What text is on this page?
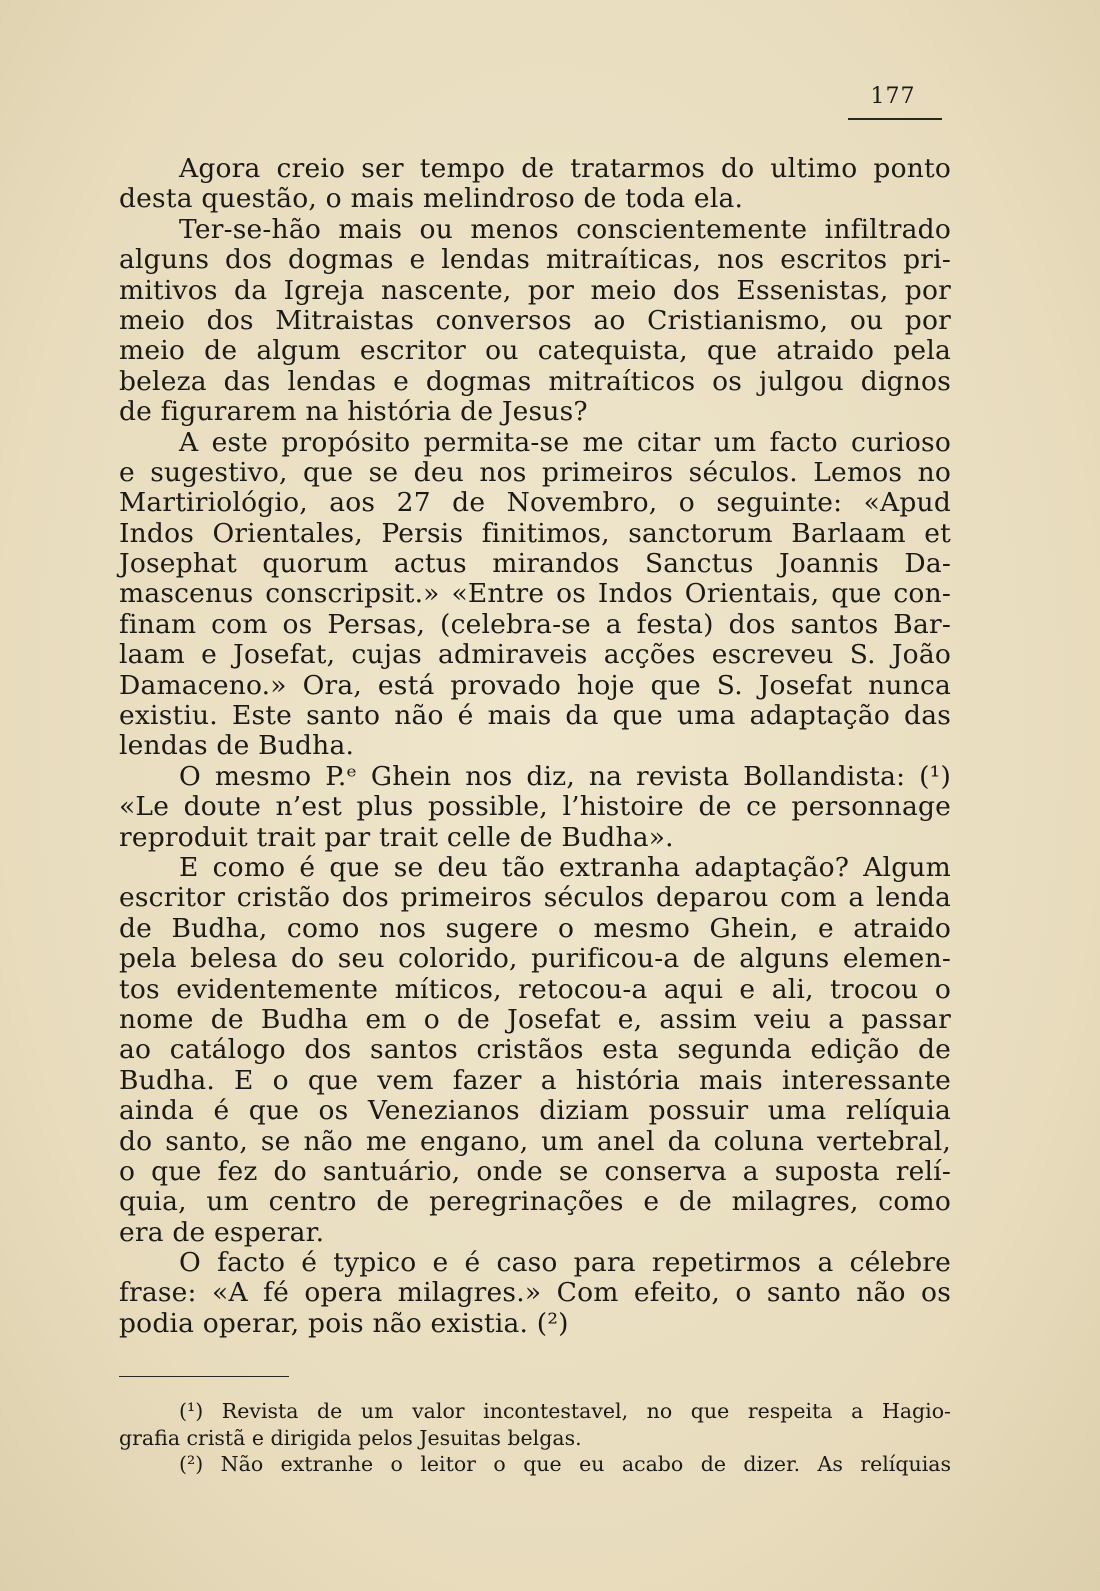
177
Agora creio ser tempo de tratarmos do ultimo ponto
desta questão, o mais melindroso de toda ela.
Ter-se-hão mais ou menos conscientemente infiltrado
alguns dos dogmas e lendas mitraíticas, nos escritos pri-
mitivos da Igreja nascente, por meio dos Essenistas, por
meio dos Mitraistas conversos ao Cristianismo, ou por
meio de algum escritor ou catequista, que atraido pela
beleza das lendas e dogmas mitraíticos os julgou dignos
de figurarem na história de Jesus?
A este propósito permita-se me citar um facto curioso
e sugestivo, que se deu nos primeiros séculos. Lemos no
Martiriológio, aos 27 de Novembro, o seguinte: «Apud
Indos Orientales, Persis finitimos, sanctorum Barlaam et
Josephat quorum actus mirandos Sanctus Joannis Da-
mascenus conscripsit.» «Entre os Indos Orientais, que con-
finam com os Persas, (celebra-se a festa) dos santos Bar-
laam e Josefat, cujas admiraveis acções escreveu S. João
Damaceno.» Ora, está provado hoje que S. Josefat nunca
existiu. Este santo não é mais da que uma adaptação das
lendas de Budha.
O mesmo P.ᵉ Ghein nos diz, na revista Bollandista: (¹)
«Le doute n’est plus possible, l’histoire de ce personnage
reproduit trait par trait celle de Budha».
E como é que se deu tão extranha adaptação? Algum
escritor cristão dos primeiros séculos deparou com a lenda
de Budha, como nos sugere o mesmo Ghein, e atraido
pela belesa do seu colorido, purificou-a de alguns elemen-
tos evidentemente míticos, retocou-a aqui e ali, trocou o
nome de Budha em o de Josefat e, assim veiu a passar
ao catálogo dos santos cristãos esta segunda edição de
Budha. E o que vem fazer a história mais interessante
ainda é que os Venezianos diziam possuir uma relíquia
do santo, se não me engano, um anel da coluna vertebral,
o que fez do santuário, onde se conserva a suposta relí-
quia, um centro de peregrinações e de milagres, como
era de esperar.
O facto é typico e é caso para repetirmos a célebre
frase: «A fé opera milagres.» Com efeito, o santo não os
podia operar, pois não existia. (²)
(¹) Revista de um valor incontestavel, no que respeita a Hagio-
grafia cristã e dirigida pelos Jesuitas belgas.
(²) Não extranhe o leitor o que eu acabo de dizer. As relíquias
